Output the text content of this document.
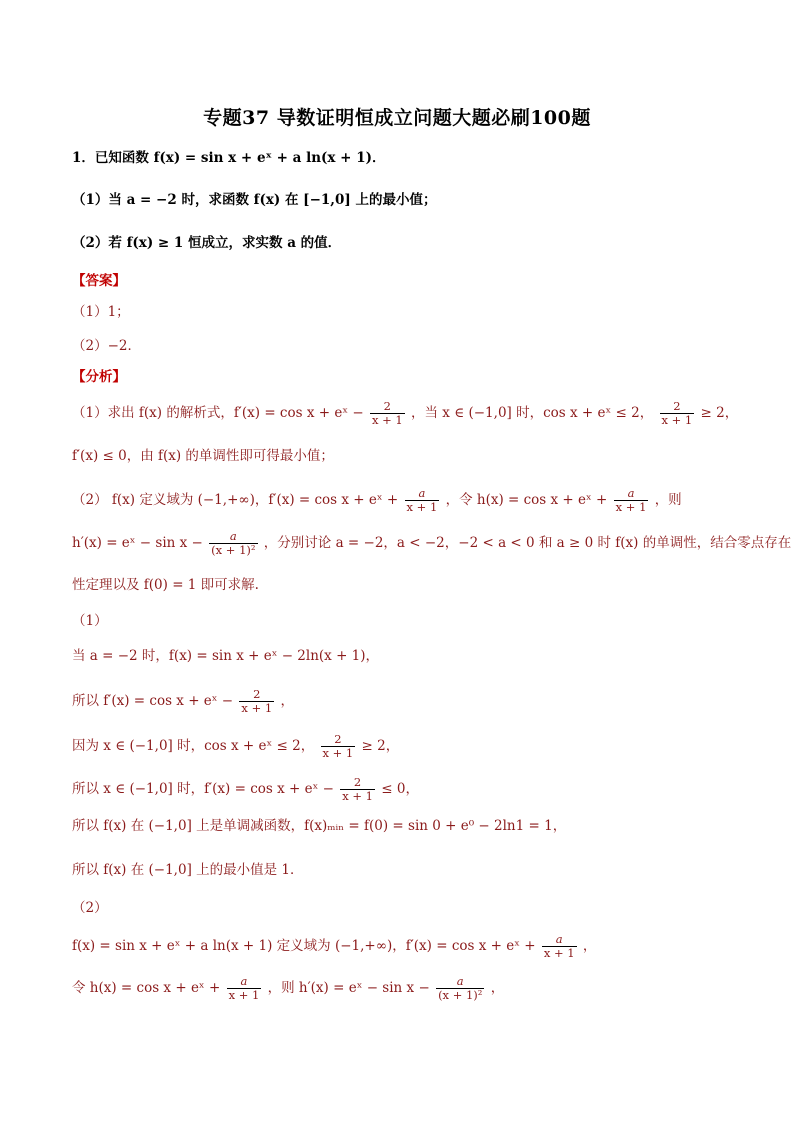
专题37 导数证明恒成立问题大题必刷100题
1．已知函数 f(x) = sin x + eˣ + a ln(x + 1)．
（1）当 a = −2 时，求函数 f(x) 在 [−1,0] 上的最小值；
（2）若 f(x) ≥ 1 恒成立，求实数 a 的值．
【答案】
（1）1；
（2）−2．
【分析】
（1）求出 f(x) 的解析式，f′(x) = cos x + eˣ − $\frac{2}{x + 1}$ ，当 x ∈ (−1,0] 时，cos x + eˣ ≤ 2， $\frac{2}{x + 1} \ge 2$，
f′(x) ≤ 0，由 f(x) 的单调性即可得最小值；
（2） f(x) 定义域为 (−1,+∞)，f′(x) = cos x + eˣ + $\frac{a}{x + 1}$ ，令 h(x) = cos x + eˣ + $\frac{a}{x + 1}$ ，则
h′(x) = eˣ − $\sin x - \frac{a}{\text{(x + 1)²}}$ ，分别讨论 a = −2，a < −2，−2 < a < 0 和 a ≥ 0 时 f(x) 的单调性，结合零点存在
性定理以及 f(0) = 1 即可求解.
（1）
当 a = −2 时，f(x) = sin x + eˣ − 2ln(x + 1)，
所以 f′(x) = cos x + eˣ − $\frac{2}{x + 1}$ ，
因为 x ∈ (−1,0] 时，cos x + eˣ ≤ 2， $\frac{2}{x + 1} \ge 2$，
所以 x ∈ (−1,0] 时，f′(x) = cos x + eˣ − $\frac{2}{x + 1} \le 0$，
所以 f(x) 在 (−1,0] 上是单调减函数，f(x)ₘᵢₙ = f(0) = sin 0 + e⁰ − 2ln1 = 1，
所以 f(x) 在 (−1,0] 上的最小值是 1．
（2）
f(x) = sin x + eˣ + a ln(x + 1) 定义域为 (−1,+∞)，f′(x) = cos x + eˣ + $\frac{a}{x + 1}$ ，
令 h(x) = cos x + eˣ + $\frac{a}{x + 1}$ ，则 h′(x) = eˣ − $\sin x - \frac{a}{\text{(x + 1)²}}$ ，
